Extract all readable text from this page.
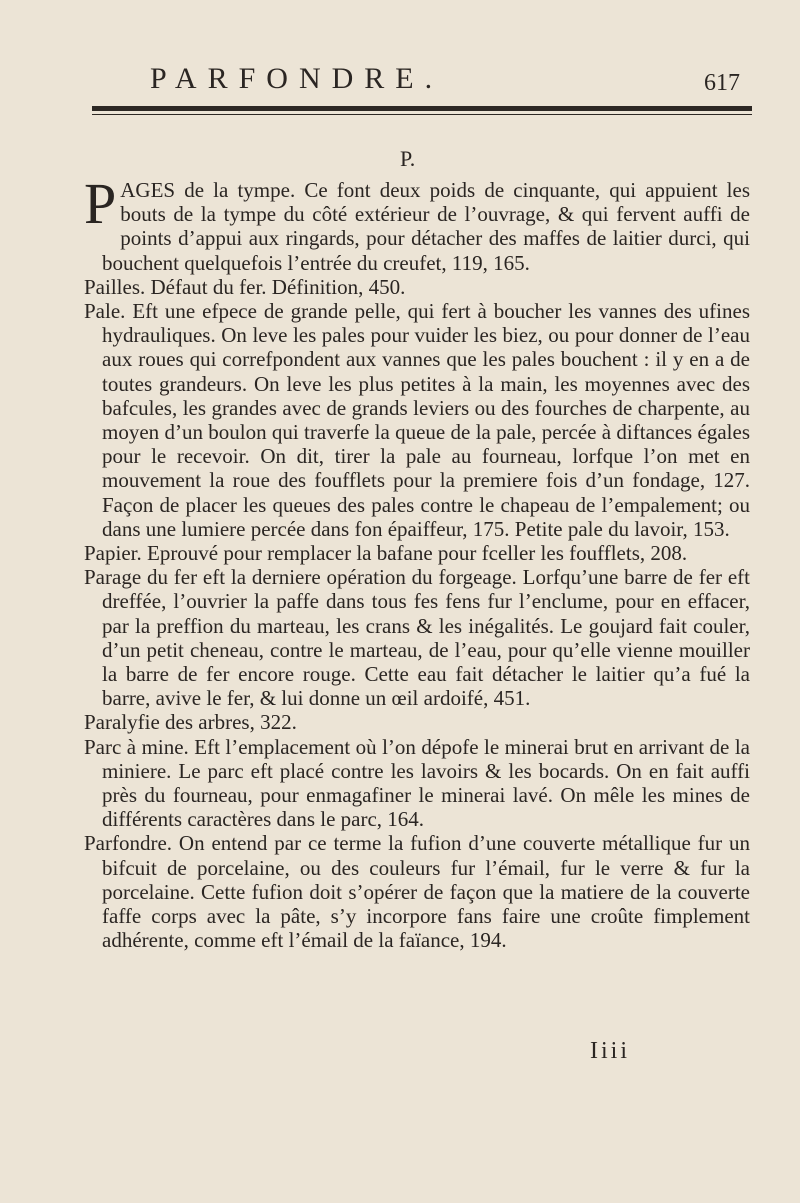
PARFONDRE.	617
P.

PAGES de la tympe. Ce font deux poids de cinquante, qui appuient les bouts de la tympe du côté extérieur de l’ouvrage, & qui fervent auffi de points d’appui aux ringards, pour détacher des maffes de laitier durci, qui bouchent quelquefois l’entrée du creufet, 119, 165.

Pailles. Défaut du fer. Définition, 450.

Pale. Eft une efpece de grande pelle, qui fert à boucher les vannes des ufines hydrauliques. On leve les pales pour vuider les biez, ou pour donner de l’eau aux roues qui correfpondent aux vannes que les pales bouchent : il y en a de toutes grandeurs. On leve les plus petites à la main, les moyennes avec des bafcules, les grandes avec de grands leviers ou des fourches de charpente, au moyen d’un boulon qui traverfe la queue de la pale, percée à diftances égales pour le recevoir. On dit, tirer la pale au fourneau, lorfque l’on met en mouvement la roue des foufflets pour la premiere fois d’un fondage, 127. Façon de placer les queues des pales contre le chapeau de l’empalement; ou dans une lumiere percée dans fon épaiffeur, 175. Petite pale du lavoir, 153.

Papier. Eprouvé pour remplacer la bafane pour fceller les foufflets, 208.

Parage du fer eft la derniere opération du forgeage. Lorfqu’une barre de fer eft dreffée, l’ouvrier la paffe dans tous fes fens fur l’enclume, pour en effacer, par la preffion du marteau, les crans & les inégalités. Le goujard fait couler, d’un petit cheneau, contre le marteau, de l’eau, pour qu’elle vienne mouiller la barre de fer encore rouge. Cette eau fait détacher le laitier qu’a fué la barre, avive le fer, & lui donne un œil ardoifé, 451.

Paralyfie des arbres, 322.

Parc à mine. Eft l’emplacement où l’on dépofe le minerai brut en arrivant de la miniere. Le parc eft placé contre les lavoirs & les bocards. On en fait auffi près du fourneau, pour enmagafiner le minerai lavé. On mêle les mines de différents caractères dans le parc, 164.

Parfondre. On entend par ce terme la fufion d’une couverte métallique fur un bifcuit de porcelaine, ou des couleurs fur l’émail, fur le verre & fur la porcelaine. Cette fufion doit s’opérer de façon que la matiere de la couverte faffe corps avec la pâte, s’y incorpore fans faire une croûte fimplement adhérente, comme eft l’émail de la faïance, 194.

Iiii
